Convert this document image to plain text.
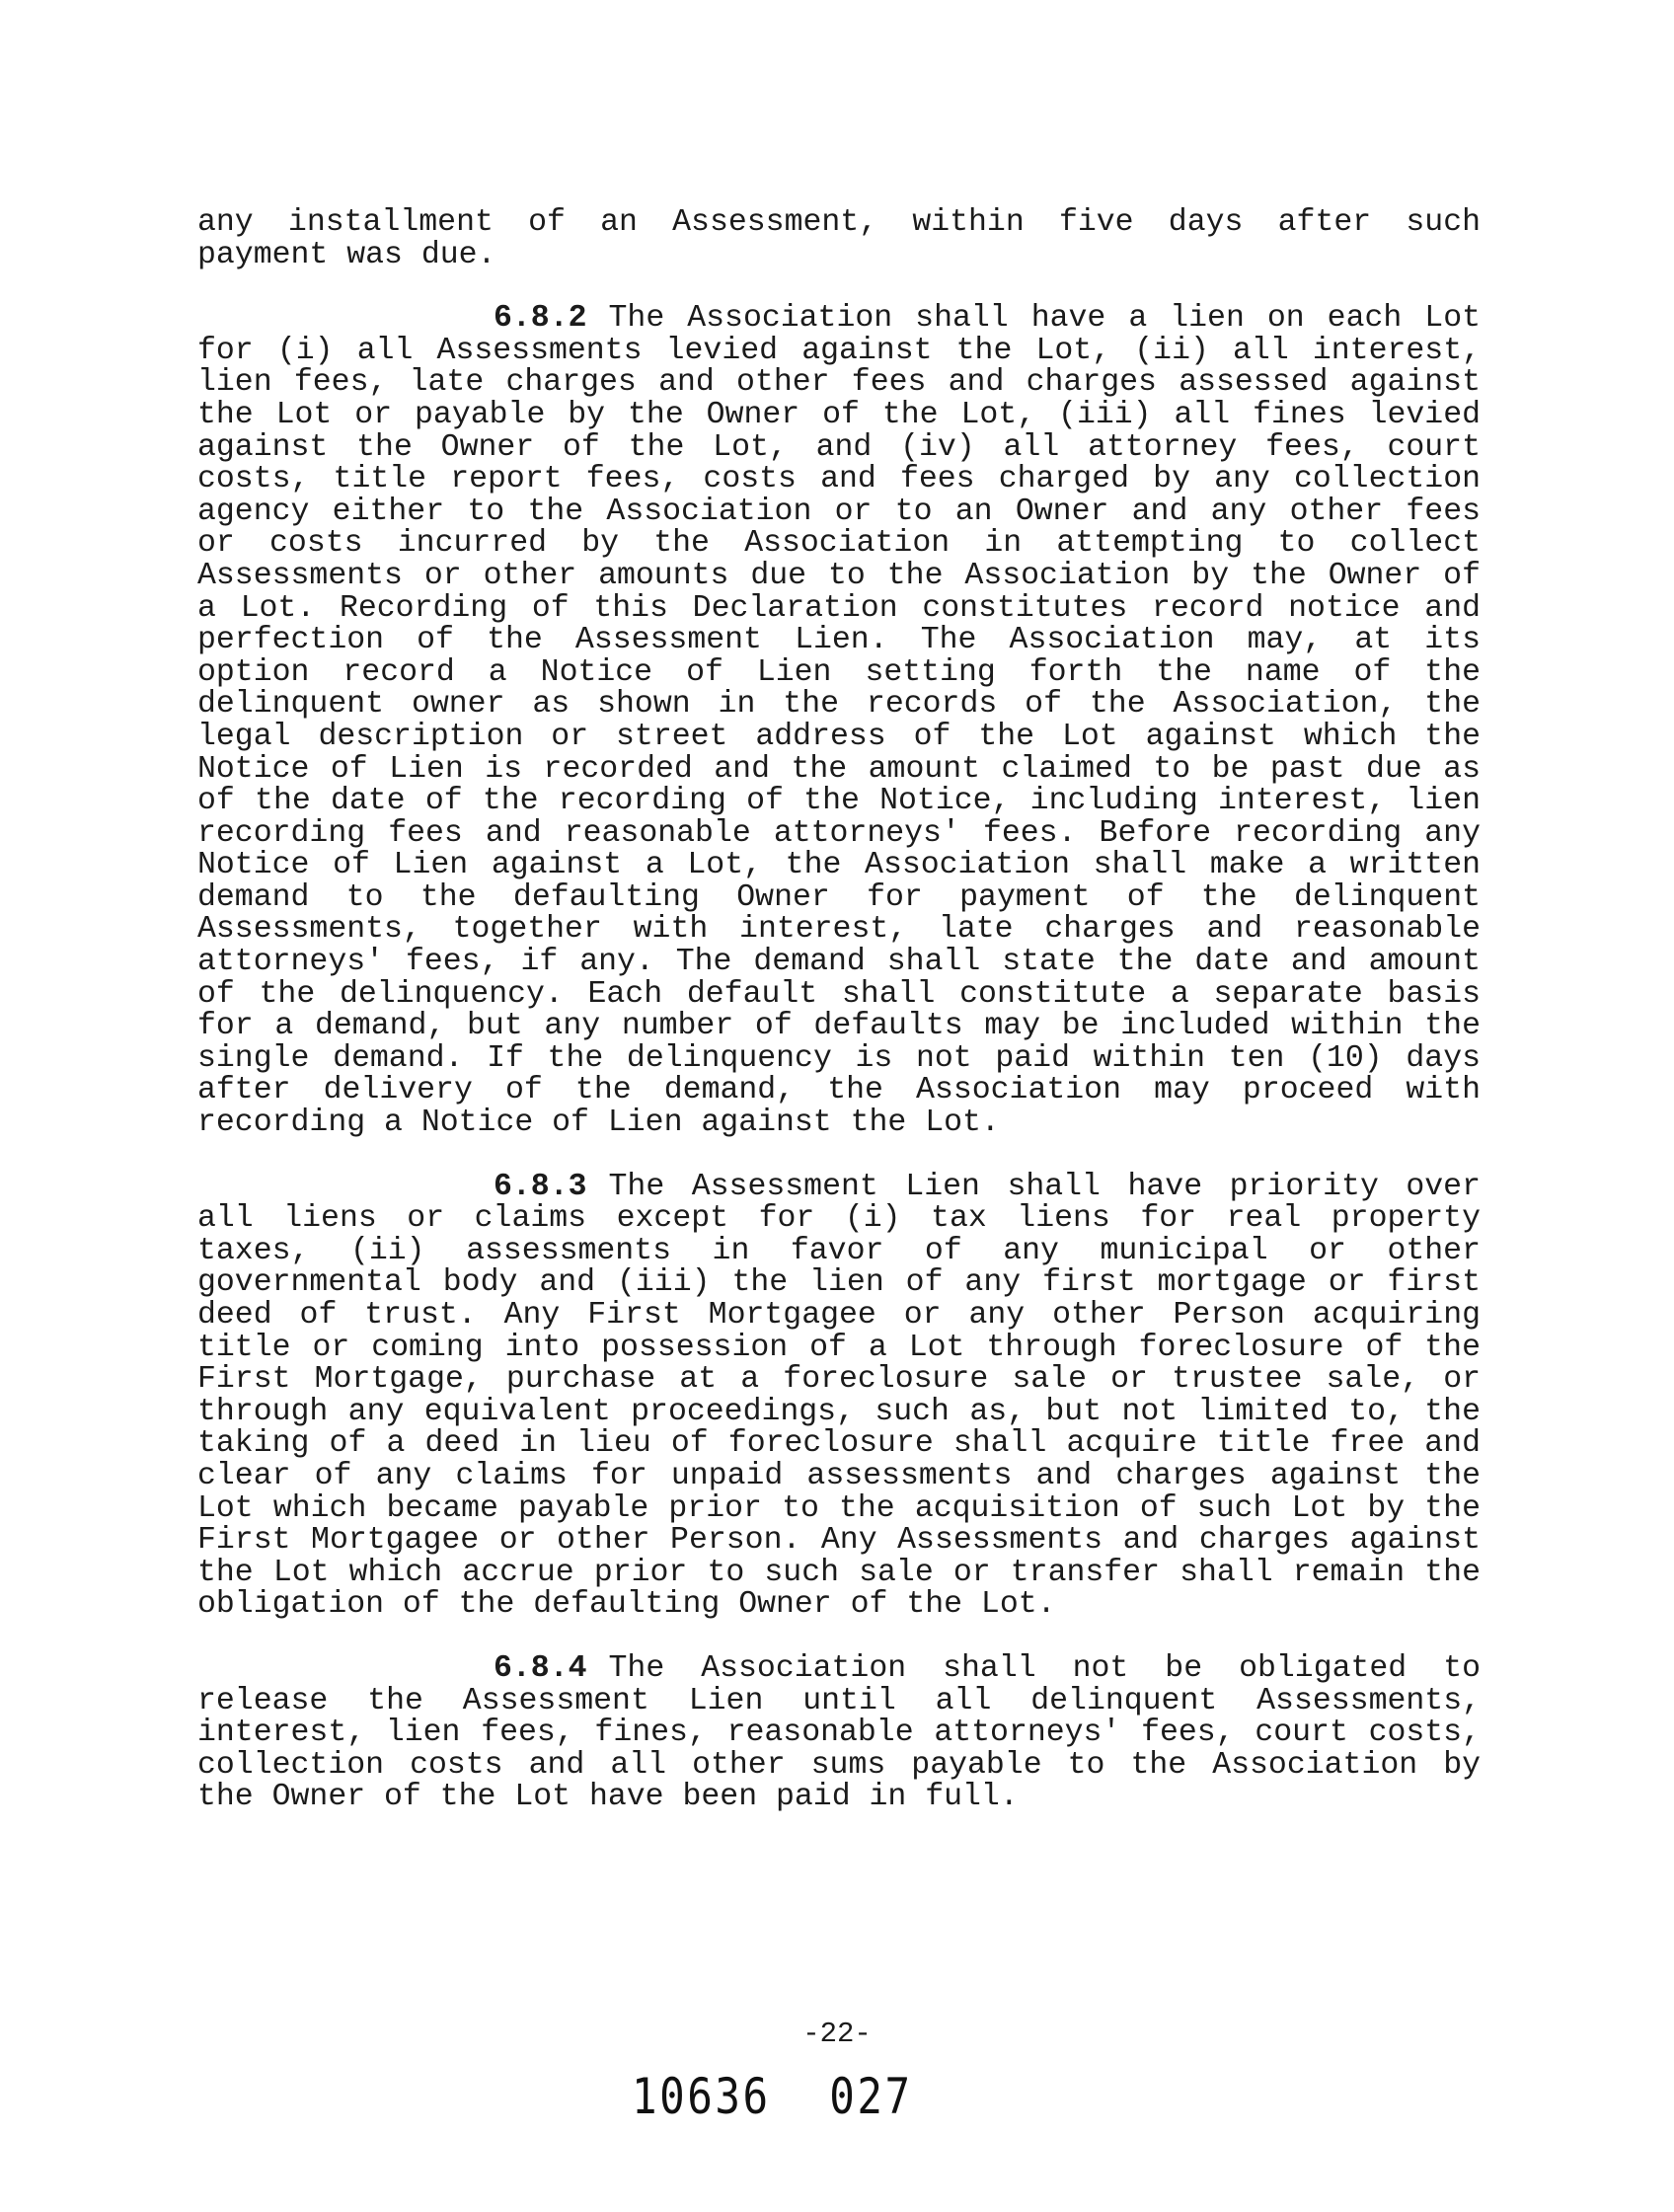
any installment of an Assessment, within five days after such payment was due.

6.8.2 The Association shall have a lien on each Lot for (i) all Assessments levied against the Lot, (ii) all interest, lien fees, late charges and other fees and charges assessed against the Lot or payable by the Owner of the Lot, (iii) all fines levied against the Owner of the Lot, and (iv) all attorney fees, court costs, title report fees, costs and fees charged by any collection agency either to the Association or to an Owner and any other fees or costs incurred by the Association in attempting to collect Assessments or other amounts due to the Association by the Owner of a Lot. Recording of this Declaration constitutes record notice and perfection of the Assessment Lien. The Association may, at its option record a Notice of Lien setting forth the name of the delinquent owner as shown in the records of the Association, the legal description or street address of the Lot against which the Notice of Lien is recorded and the amount claimed to be past due as of the date of the recording of the Notice, including interest, lien recording fees and reasonable attorneys' fees. Before recording any Notice of Lien against a Lot, the Association shall make a written demand to the defaulting Owner for payment of the delinquent Assessments, together with interest, late charges and reasonable attorneys' fees, if any. The demand shall state the date and amount of the delinquency. Each default shall constitute a separate basis for a demand, but any number of defaults may be included within the single demand. If the delinquency is not paid within ten (10) days after delivery of the demand, the Association may proceed with recording a Notice of Lien against the Lot.

6.8.3 The Assessment Lien shall have priority over all liens or claims except for (i) tax liens for real property taxes, (ii) assessments in favor of any municipal or other governmental body and (iii) the lien of any first mortgage or first deed of trust. Any First Mortgagee or any other Person acquiring title or coming into possession of a Lot through foreclosure of the First Mortgage, purchase at a foreclosure sale or trustee sale, or through any equivalent proceedings, such as, but not limited to, the taking of a deed in lieu of foreclosure shall acquire title free and clear of any claims for unpaid assessments and charges against the Lot which became payable prior to the acquisition of such Lot by the First Mortgagee or other Person. Any Assessments and charges against the Lot which accrue prior to such sale or transfer shall remain the obligation of the defaulting Owner of the Lot.

6.8.4 The Association shall not be obligated to release the Assessment Lien until all delinquent Assessments, interest, lien fees, fines, reasonable attorneys' fees, court costs, collection costs and all other sums payable to the Association by the Owner of the Lot have been paid in full.

-22-
10636 027
